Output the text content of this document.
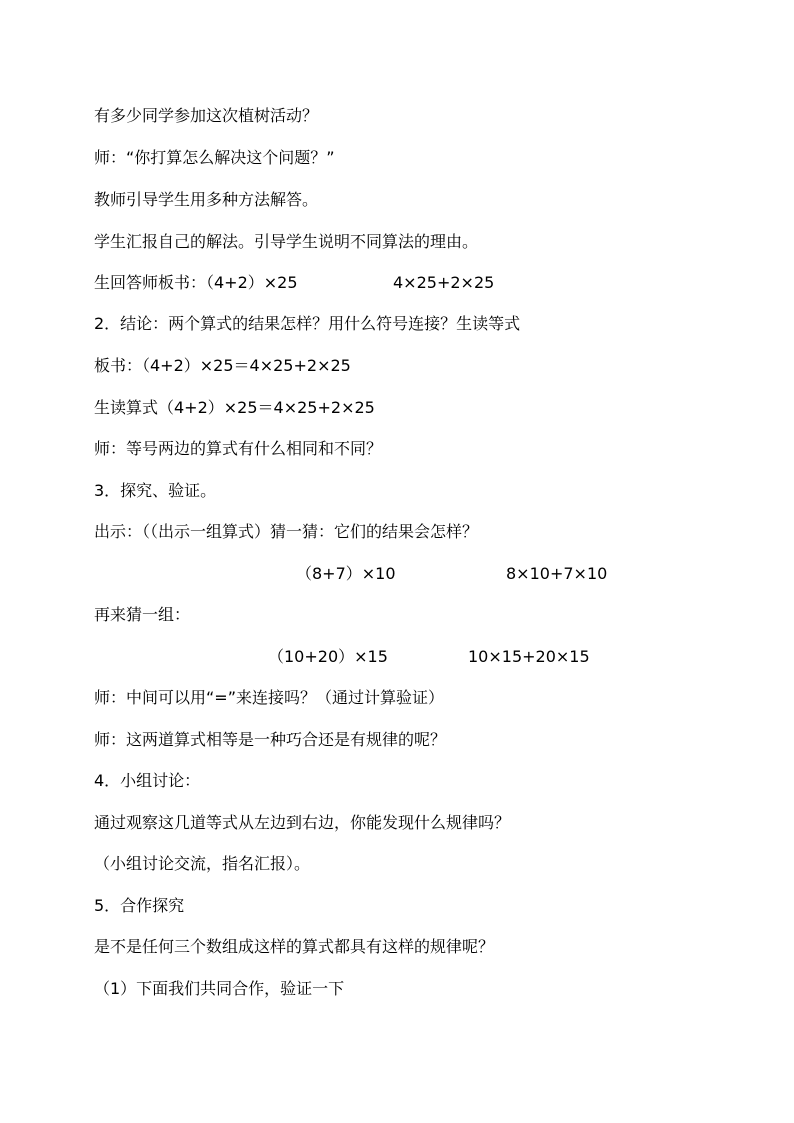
有多少同学参加这次植树活动？

师：“你打算怎么解决这个问题？”

教师引导学生用多种方法解答。

学生汇报自己的解法。引导学生说明不同算法的理由。

生回答师板书：（4+2）×25	4×25+2×25

2．结论：两个算式的结果怎样？用什么符号连接？生读等式

板书：（4+2）×25＝4×25+2×25

生读算式（4+2）×25＝4×25+2×25

师：等号两边的算式有什么相同和不同？

3．探究、验证。

出示：（（出示一组算式）猜一猜：它们的结果会怎样？

（8+7）×10	8×10+7×10

再来猜一组：

（10+20）×15	10×15+20×15

师：中间可以用“=”来连接吗？（通过计算验证）

师：这两道算式相等是一种巧合还是有规律的呢？

4．小组讨论：

通过观察这几道等式从左边到右边，你能发现什么规律吗？

（小组讨论交流，指名汇报）。

5．合作探究

是不是任何三个数组成这样的算式都具有这样的规律呢？

（1）下面我们共同合作，验证一下
